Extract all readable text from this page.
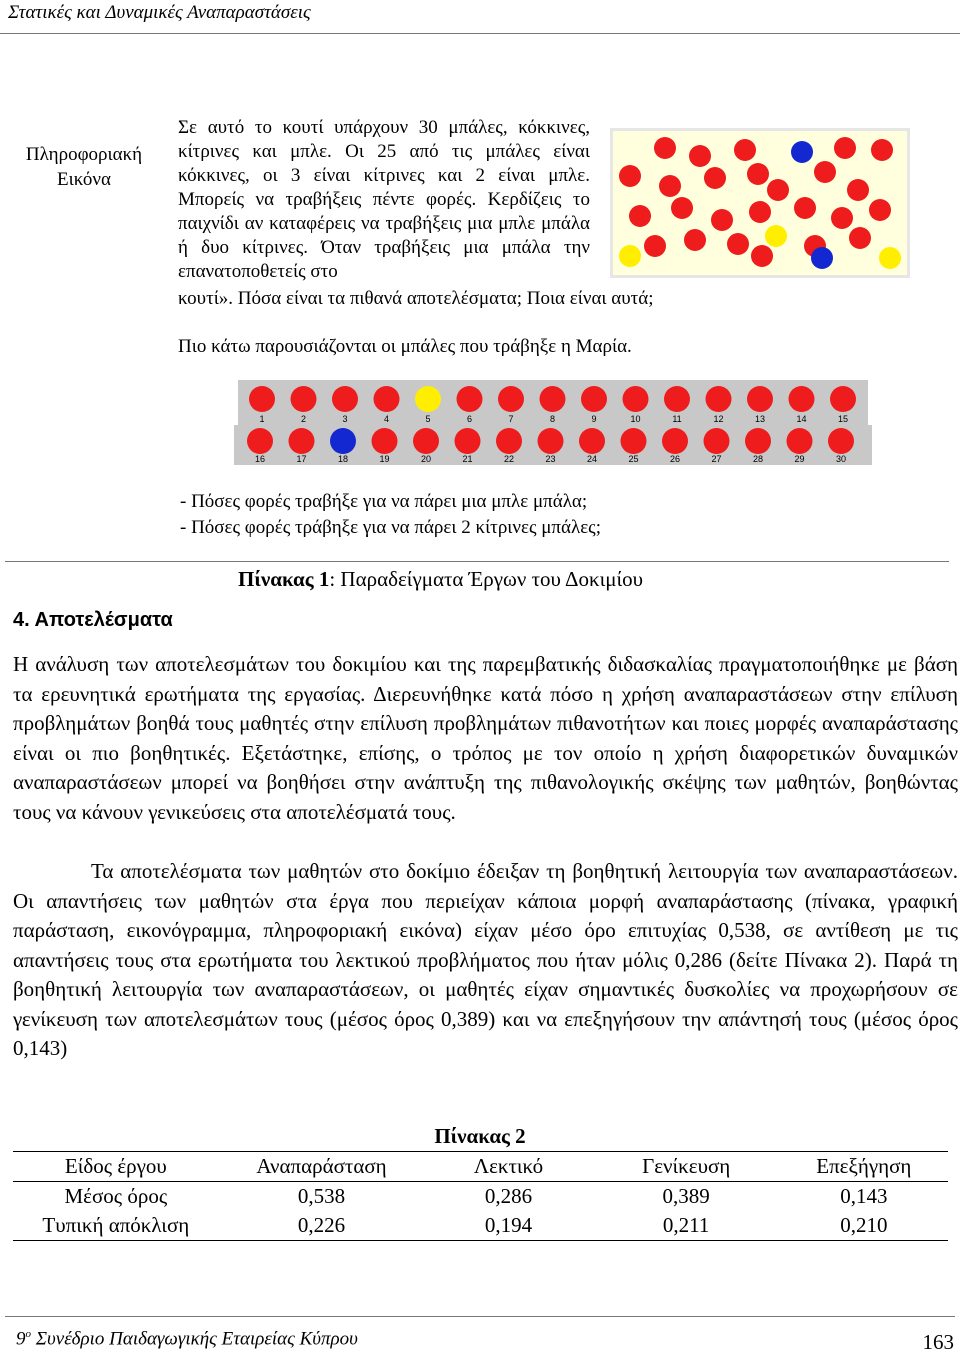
Στατικές και Δυναμικές Αναπαραστάσεις
Πληροφοριακή Εικόνα
Σε αυτό το κουτί υπάρχουν 30 μπάλες, κόκκινες, κίτρινες και μπλε. Οι 25 από τις μπάλες είναι κόκκινες, οι 3 είναι κίτρινες και 2 είναι μπλε. Μπορείς να τραβήξεις πέντε φορές. Κερδίζεις το παιχνίδι αν καταφέρεις να τραβήξεις μια μπλε μπάλα ή δυο κίτρινες. Όταν τραβήξεις μια μπάλα την επανατοποθετείς στο
κουτί». Πόσα είναι τα πιθανά αποτελέσματα; Ποια είναι αυτά;
Πιο κάτω παρουσιάζονται οι μπάλες που τράβηξε η Μαρία.
1	2	3	4	5	6	7	8	9	10	11	12	13	14	15
16	17	18	19	20	21	22	23	24	25	26	27	28	29	30
- Πόσες φορές τραβήξε για να πάρει μια μπλε μπάλα;
- Πόσες φορές τράβηξε για να πάρει 2 κίτρινες μπάλες;
Πίνακας 1: Παραδείγματα Έργων του Δοκιμίου
4. Αποτελέσματα
Η ανάλυση των αποτελεσμάτων του δοκιμίου και της παρεμβατικής διδασκαλίας πραγματοποιήθηκε με βάση τα ερευνητικά ερωτήματα της εργασίας. Διερευνήθηκε κατά πόσο η χρήση αναπαραστάσεων στην επίλυση προβλημάτων βοηθά τους μαθητές στην επίλυση προβλημάτων πιθανοτήτων και ποιες μορφές αναπαράστασης είναι οι πιο βοηθητικές. Εξετάστηκε, επίσης, ο τρόπος με τον οποίο η χρήση διαφορετικών δυναμικών αναπαραστάσεων μπορεί να βοηθήσει στην ανάπτυξη της πιθανολογικής σκέψης των μαθητών, βοηθώντας τους να κάνουν γενικεύσεις στα αποτελέσματά τους.
Τα αποτελέσματα των μαθητών στο δοκίμιο έδειξαν τη βοηθητική λειτουργία των αναπαραστάσεων. Οι απαντήσεις των μαθητών στα έργα που περιείχαν κάποια μορφή αναπαράστασης (πίνακα, γραφική παράσταση, εικονόγραμμα, πληροφοριακή εικόνα) είχαν μέσο όρο επιτυχίας 0,538, σε αντίθεση με τις απαντήσεις τους στα ερωτήματα του λεκτικού προβλήματος που ήταν μόλις 0,286 (δείτε Πίνακα 2). Παρά τη βοηθητική λειτουργία των αναπαραστάσεων, οι μαθητές είχαν σημαντικές δυσκολίες να προχωρήσουν σε γενίκευση των αποτελεσμάτων τους (μέσος όρος 0,389) και να επεξηγήσουν την απάντησή τους (μέσος όρος 0,143)
Πίνακας 2
Είδος έργου	Αναπαράσταση	Λεκτικό	Γενίκευση	Επεξήγηση
Μέσος όρος	0,538	0,286	0,389	0,143
Τυπική απόκλιση	0,226	0,194	0,211	0,210
$9^o$ Συνέδριο Παιδαγωγικής Εταιρείας Κύπρου	163
